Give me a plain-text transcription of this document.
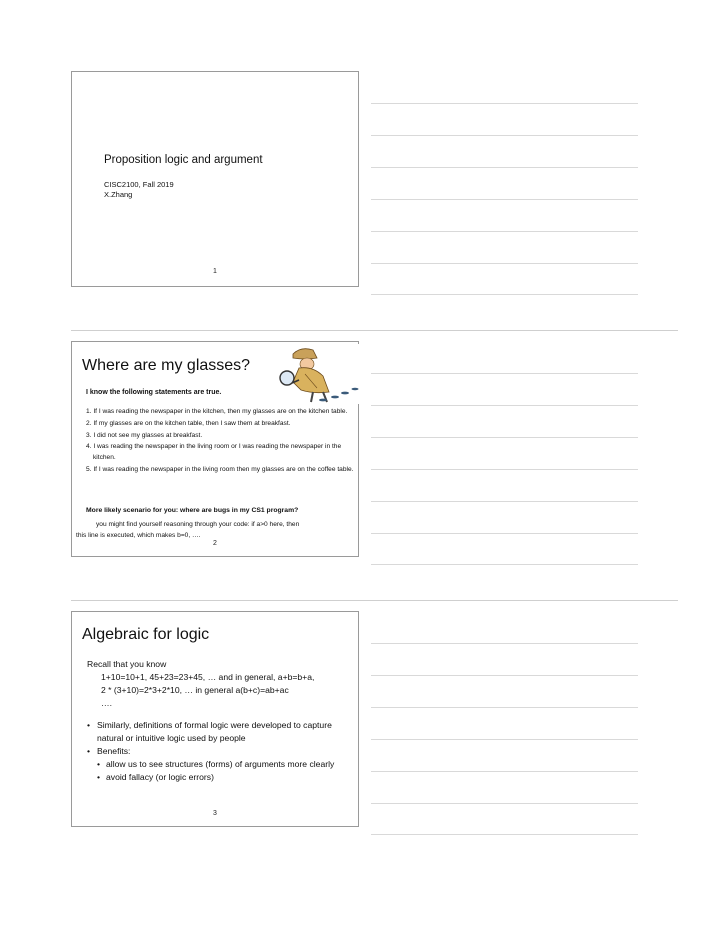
Proposition logic and argument
CISC2100, Fall 2019
X.Zhang
1
Where are my glasses?
I know the following statements are true.
1. If I was reading the newspaper in the kitchen, then my glasses are on the kitchen table.
2. If my glasses are on the kitchen table, then I saw them at breakfast.
3. I did not see my glasses at breakfast.
4. I was reading the newspaper in the living room or I was reading the newspaper in the kitchen.
5. If I was reading the newspaper in the living room then my glasses are on the coffee table.
More likely scenario for you: where are bugs in my CS1 program?
you might find yourself reasoning through your code: if a>0 here, then
this line is executed, which makes b=0, ….
2
Algebraic for logic
Recall that you know
1+10=10+1, 45+23=23+45, … and in general, a+b=b+a,
2 * (3+10)=2*3+2*10, … in general a(b+c)=ab+ac
….
• Similarly, definitions of formal logic were developed to capture natural or intuitive logic used by people
• Benefits:
• allow us to see structures (forms) of arguments more clearly
• avoid fallacy (or logic errors)
3
